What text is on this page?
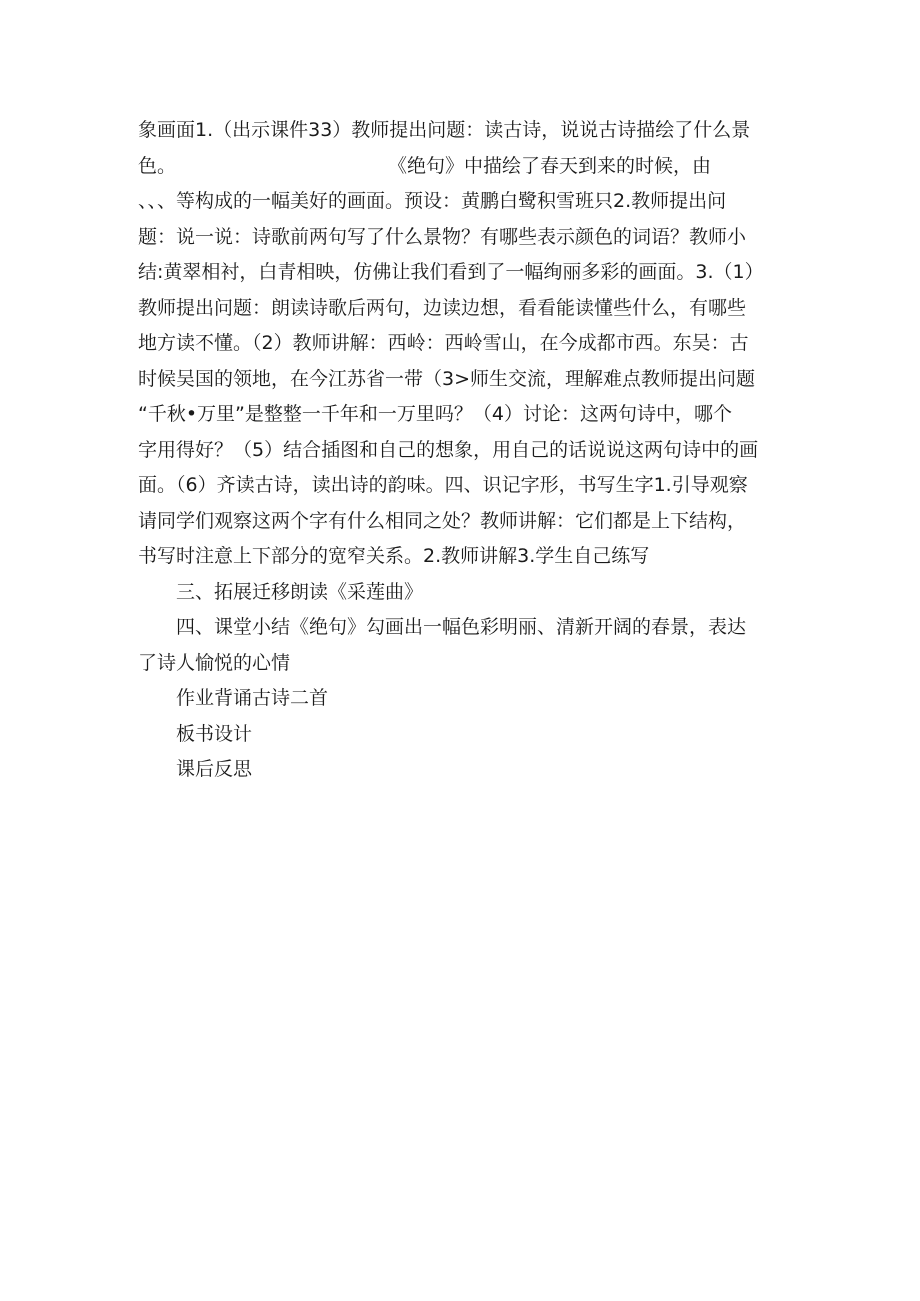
象画面1.（出示课件33）教师提出问题：读古诗，说说古诗描绘了什么景
色。	《绝句》中描绘了春天到来的时候，由
、、、等构成的一幅美好的画面。预设：黄鹏白鹭积雪班只2.教师提出问
题：说一说：诗歌前两句写了什么景物？有哪些表示颜色的词语？教师小
结:黄翠相衬，白青相映，仿佛让我们看到了一幅绚丽多彩的画面。3.（1）
教师提出问题：朗读诗歌后两句，边读边想，看看能读懂些什么，有哪些
地方读不懂。（2）教师讲解：西岭：西岭雪山，在今成都市西。东吴：古
时候吴国的领地，在今江苏省一带（3>师生交流，理解难点教师提出问题
“千秋•万里”是整整一千年和一万里吗？（4）讨论：这两句诗中，哪个
字用得好？（5）结合插图和自己的想象，用自己的话说说这两句诗中的画
面。（6）齐读古诗，读出诗的韵味。四、识记字形，书写生字1.引导观察
请同学们观察这两个字有什么相同之处？教师讲解：它们都是上下结构，
书写时注意上下部分的宽窄关系。2.教师讲解3.学生自己练写
三、拓展迁移朗读《采莲曲》
四、课堂小结《绝句》勾画出一幅色彩明丽、清新开阔的春景，表达
了诗人愉悦的心情
作业背诵古诗二首
板书设计
课后反思
